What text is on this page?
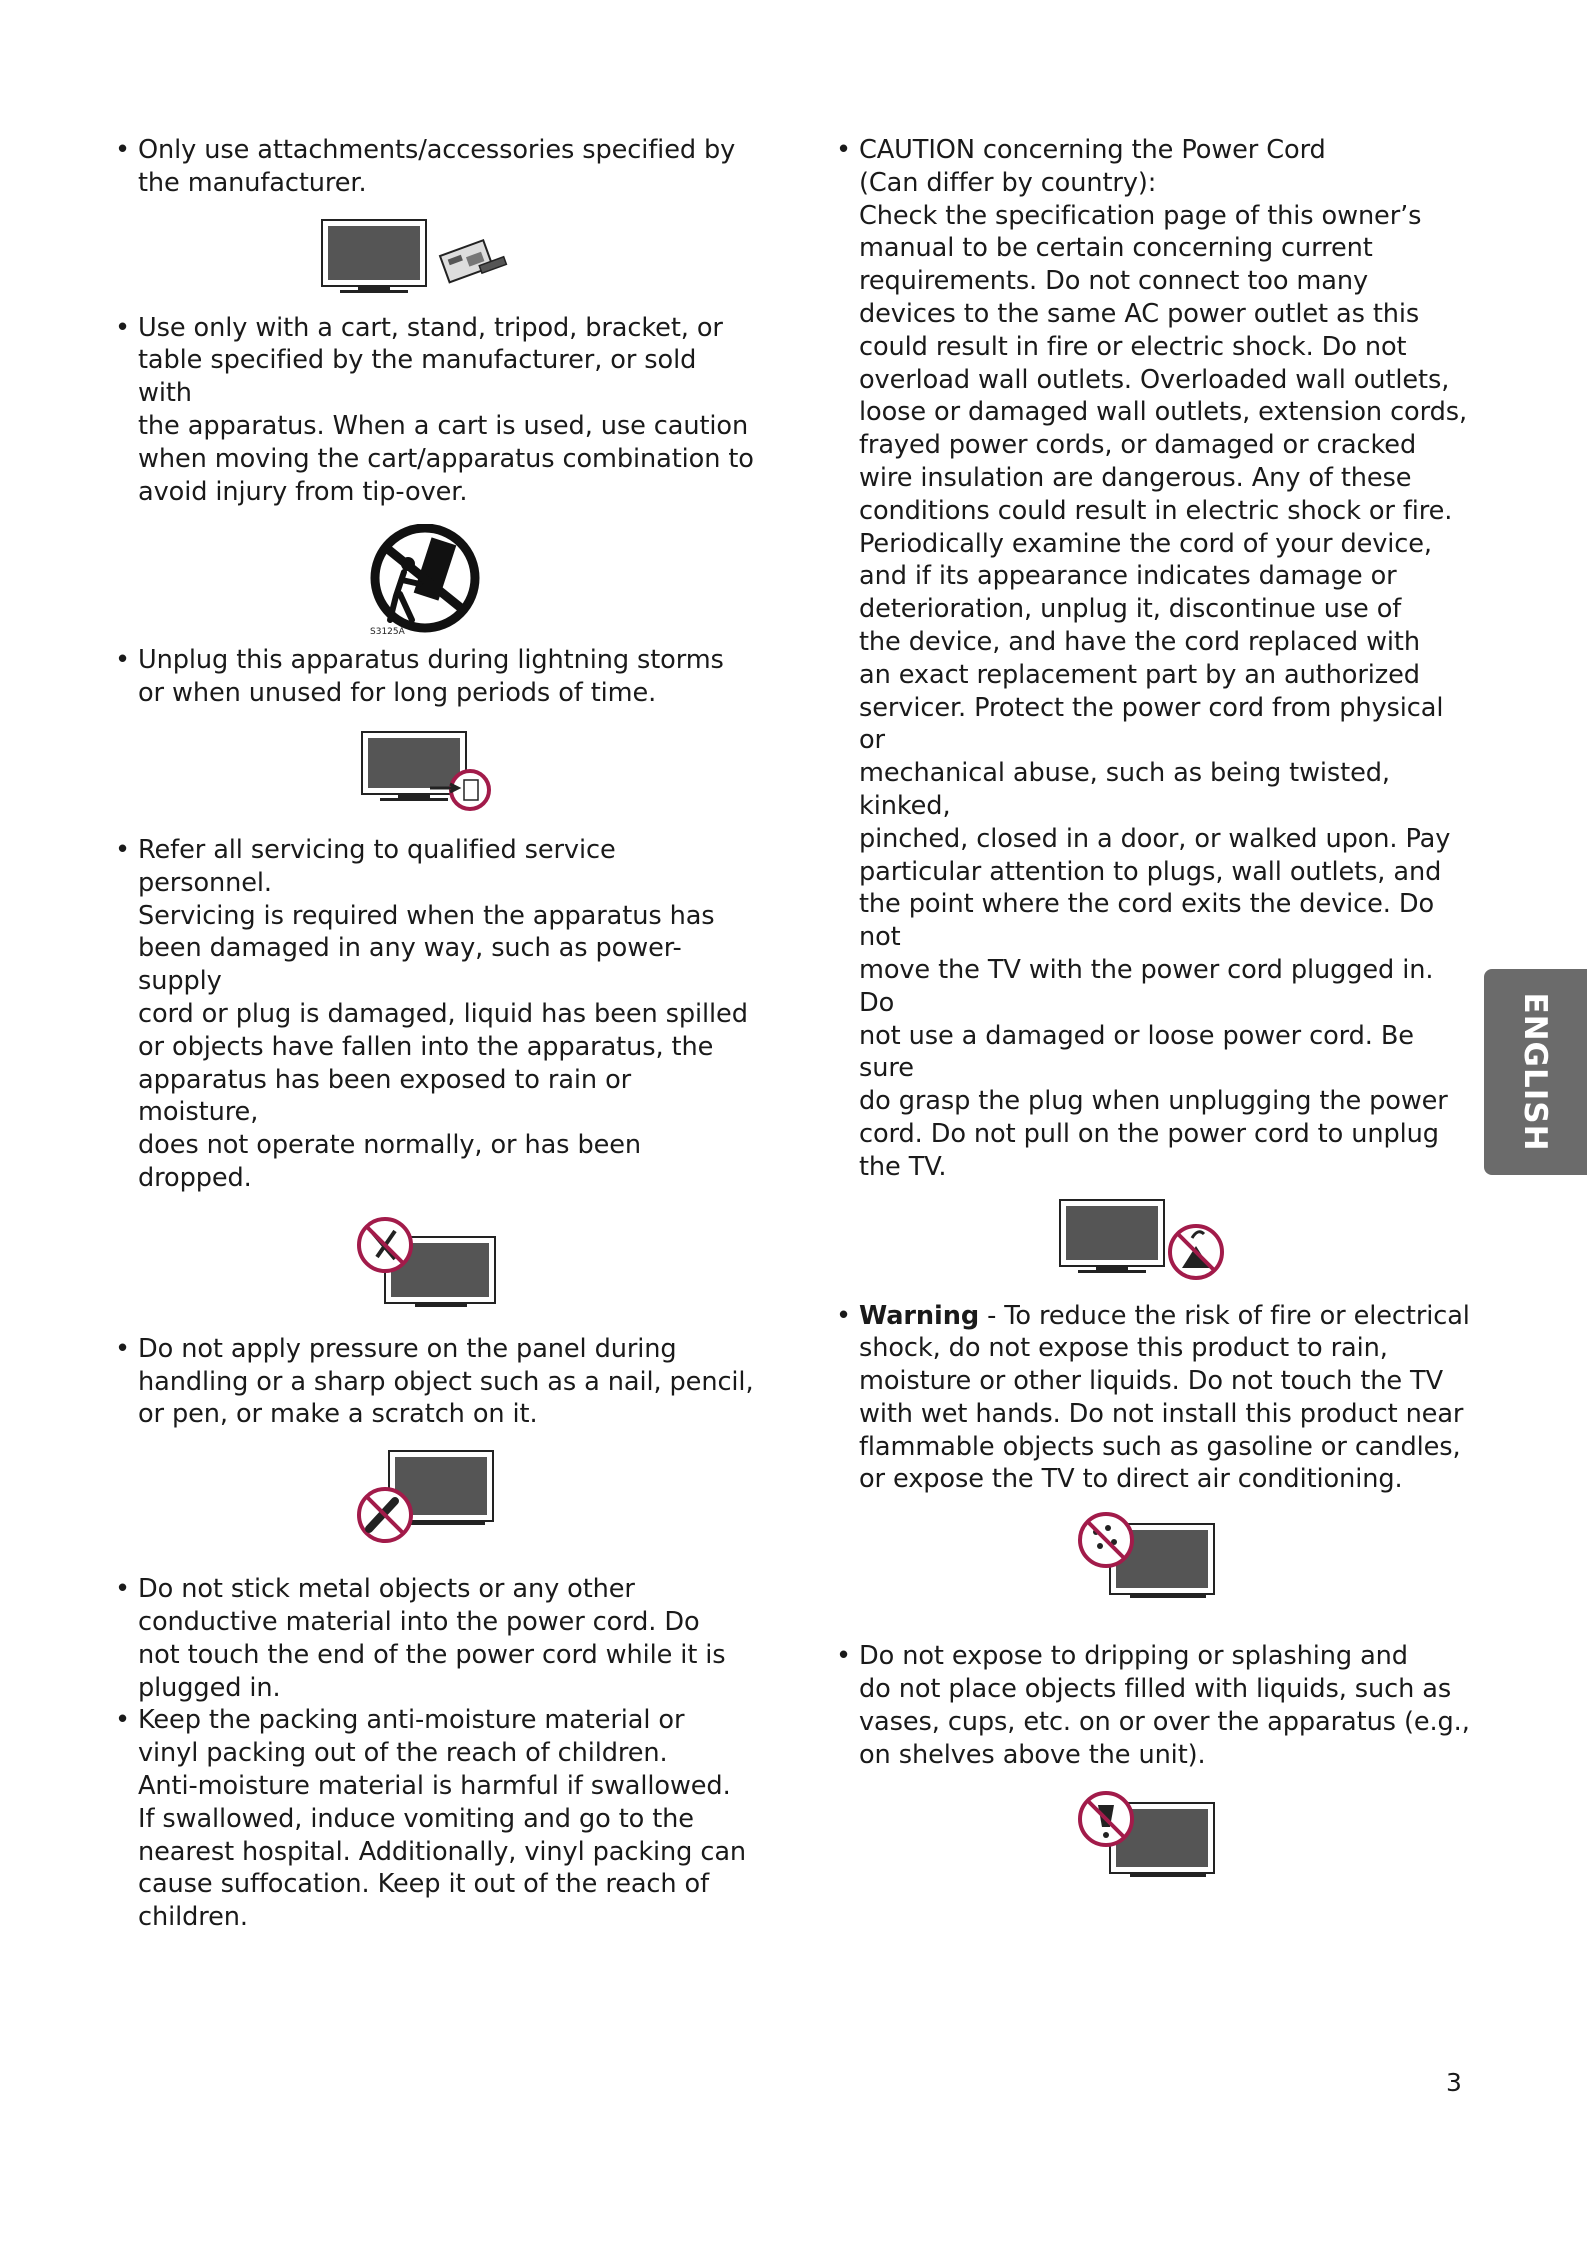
• Only use attachments/accessories specified by
the manufacturer.

• Use only with a cart, stand, tripod, bracket, or
table specified by the manufacturer, or sold with
the apparatus. When a cart is used, use caution
when moving the cart/apparatus combination to
avoid injury from tip-over.

S3125A
• Unplug this apparatus during lightning storms
or when unused for long periods of time.

• Refer all servicing to qualified service personnel.
Servicing is required when the apparatus has
been damaged in any way, such as power-supply
cord or plug is damaged, liquid has been spilled
or objects have fallen into the apparatus, the
apparatus has been exposed to rain or moisture,
does not operate normally, or has been dropped.

• Do not apply pressure on the panel during
handling or a sharp object such as a nail, pencil,
or pen, or make a scratch on it.

• Do not stick metal objects or any other
conductive material into the power cord. Do
not touch the end of the power cord while it is
plugged in.

• Keep the packing anti-moisture material or
vinyl packing out of the reach of children.
Anti-moisture material is harmful if swallowed.
If swallowed, induce vomiting and go to the
nearest hospital. Additionally, vinyl packing can
cause suffocation. Keep it out of the reach of
children.

• CAUTION concerning the Power Cord
(Can differ by country):
Check the specification page of this owner’s
manual to be certain concerning current
requirements. Do not connect too many
devices to the same AC power outlet as this
could result in fire or electric shock. Do not
overload wall outlets. Overloaded wall outlets,
loose or damaged wall outlets, extension cords,
frayed power cords, or damaged or cracked
wire insulation are dangerous. Any of these
conditions could result in electric shock or fire.
Periodically examine the cord of your device,
and if its appearance indicates damage or
deterioration, unplug it, discontinue use of
the device, and have the cord replaced with
an exact replacement part by an authorized
servicer. Protect the power cord from physical or
mechanical abuse, such as being twisted, kinked,
pinched, closed in a door, or walked upon. Pay
particular attention to plugs, wall outlets, and
the point where the cord exits the device. Do not
move the TV with the power cord plugged in. Do
not use a damaged or loose power cord. Be sure
do grasp the plug when unplugging the power
cord. Do not pull on the power cord to unplug
the TV.

• Warning - To reduce the risk of fire or electrical
shock, do not expose this product to rain,
moisture or other liquids. Do not touch the TV
with wet hands. Do not install this product near
flammable objects such as gasoline or candles,
or expose the TV to direct air conditioning.

• Do not expose to dripping or splashing and
do not place objects filled with liquids, such as
vases, cups, etc. on or over the apparatus (e.g.,
on shelves above the unit).

ENGLISH
3
